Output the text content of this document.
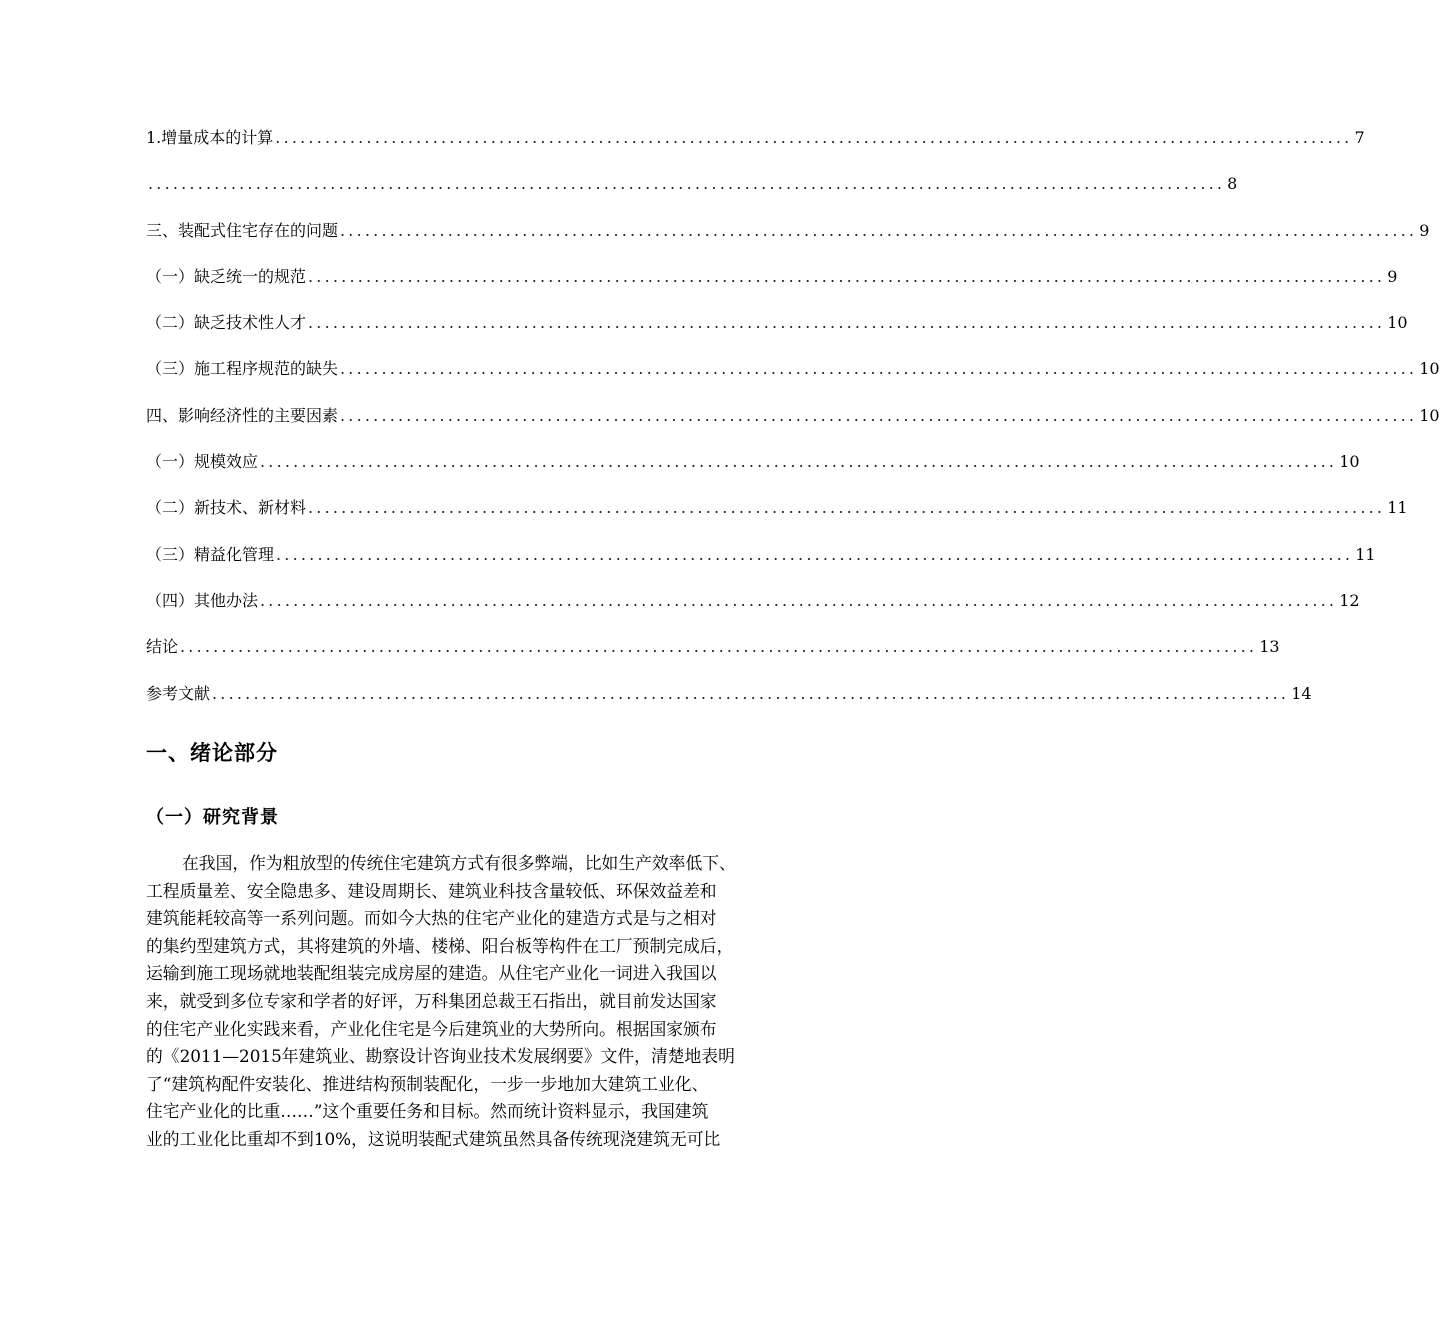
1.增量成本的计算 .................................................................................................................................. 7
.................................................................................................................................. 8
三、装配式住宅存在的问题 .................................................................................................................................. 9
（一）缺乏统一的规范 .................................................................................................................................. 9
（二）缺乏技术性人才 .................................................................................................................................. 10
（三）施工程序规范的缺失 .................................................................................................................................. 10
四、影响经济性的主要因素 .................................................................................................................................. 10
（一）规模效应 .................................................................................................................................. 10
（二）新技术、新材料 .................................................................................................................................. 11
（三）精益化管理 .................................................................................................................................. 11
（四）其他办法 .................................................................................................................................. 12
结论 .................................................................................................................................. 13
参考文献 .................................................................................................................................. 14
一、绪论部分
（一）研究背景
在我国，作为粗放型的传统住宅建筑方式有很多弊端，比如生产效率低下、
工程质量差、安全隐患多、建设周期长、建筑业科技含量较低、环保效益差和
建筑能耗较高等一系列问题。而如今大热的住宅产业化的建造方式是与之相对
的集约型建筑方式，其将建筑的外墙、楼梯、阳台板等构件在工厂预制完成后，
运输到施工现场就地装配组装完成房屋的建造。从住宅产业化一词进入我国以
来，就受到多位专家和学者的好评，万科集团总裁王石指出，就目前发达国家
的住宅产业化实践来看，产业化住宅是今后建筑业的大势所向。根据国家颁布
的《2011—2015年建筑业、勘察设计咨询业技术发展纲要》文件，清楚地表明
了“建筑构配件安装化、推进结构预制装配化，一步一步地加大建筑工业化、
住宅产业化的比重……”这个重要任务和目标。然而统计资料显示，我国建筑
业的工业化比重却不到10%，这说明装配式建筑虽然具备传统现浇建筑无可比
